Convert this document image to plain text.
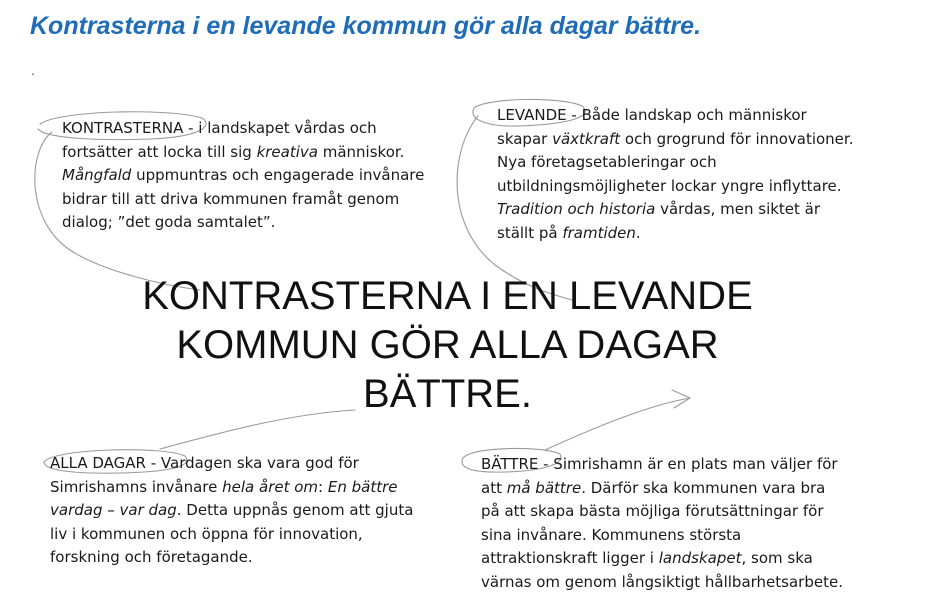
Kontrasterna i en levande kommun gör alla dagar bättre.
.
KONTRASTERNA - i landskapet vårdas och
fortsätter att locka till sig kreativa människor.
Mångfald uppmuntras och engagerade invånare
bidrar till att driva kommunen framåt genom
dialog; ”det goda samtalet”.
LEVANDE - Både landskap och människor
skapar växtkraft och grogrund för innovationer.
Nya företagsetableringar och
utbildningsmöjligheter lockar yngre inflyttare.
Tradition och historia vårdas, men siktet är
ställt på framtiden.
KONTRASTERNA I EN LEVANDE
KOMMUN GÖR ALLA DAGAR
BÄTTRE.
ALLA DAGAR - Vardagen ska vara god för
Simrishamns invånare hela året om: En bättre
vardag – var dag. Detta uppnås genom att gjuta
liv i kommunen och öppna för innovation,
forskning och företagande.
BÄTTRE - Simrishamn är en plats man väljer för
att må bättre. Därför ska kommunen vara bra
på att skapa bästa möjliga förutsättningar för
sina invånare. Kommunens största
attraktionskraft ligger i landskapet, som ska
värnas om genom långsiktigt hållbarhetsarbete.
